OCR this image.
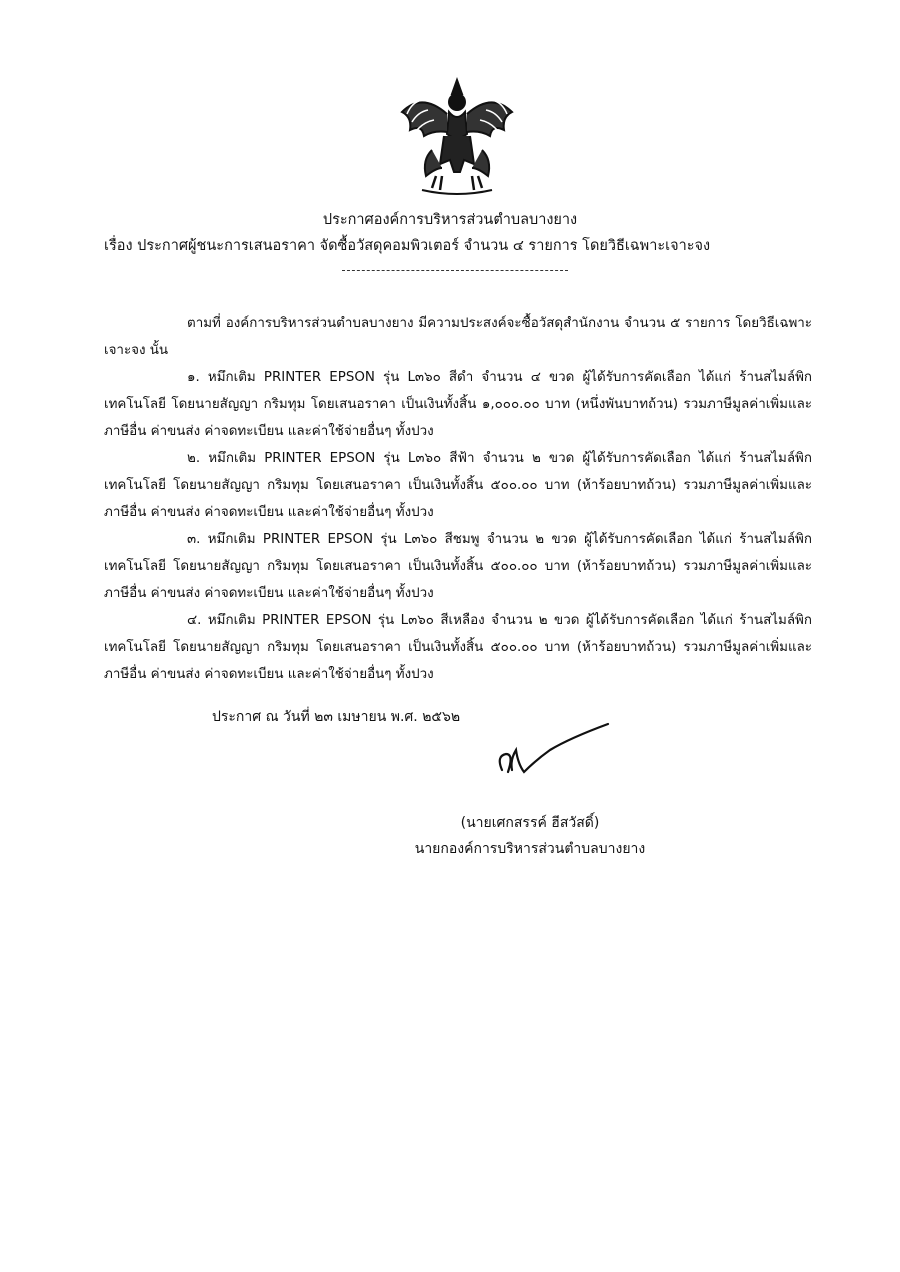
ประกาศองค์การบริหารส่วนตำบลบางยาง
เรื่อง ประกาศผู้ชนะการเสนอราคา จัดซื้อวัสดุคอมพิวเตอร์ จำนวน ๔ รายการ โดยวิธีเฉพาะเจาะจง

ตามที่ องค์การบริหารส่วนตำบลบางยาง มีความประสงค์จะซื้อวัสดุสำนักงาน จำนวน ๕ รายการ โดยวิธีเฉพาะเจาะจง นั้น

๑. หมึกเติม PRINTER EPSON รุ่น L๓๖๐ สีดำ จำนวน ๔ ขวด ผู้ได้รับการคัดเลือก ได้แก่ ร้านสไมล์พิก เทคโนโลยี โดยนายสัญญา กริมทุม โดยเสนอราคา เป็นเงินทั้งสิ้น ๑,๐๐๐.๐๐ บาท (หนึ่งพันบาทถ้วน) รวมภาษีมูลค่าเพิ่มและภาษีอื่น ค่าขนส่ง ค่าจดทะเบียน และค่าใช้จ่ายอื่นๆ ทั้งปวง

๒. หมึกเติม PRINTER EPSON รุ่น L๓๖๐ สีฟ้า จำนวน ๒ ขวด ผู้ได้รับการคัดเลือก ได้แก่ ร้านสไมล์พิก เทคโนโลยี โดยนายสัญญา กริมทุม โดยเสนอราคา เป็นเงินทั้งสิ้น ๕๐๐.๐๐ บาท (ห้าร้อยบาทถ้วน) รวมภาษีมูลค่าเพิ่มและภาษีอื่น ค่าขนส่ง ค่าจดทะเบียน และค่าใช้จ่ายอื่นๆ ทั้งปวง

๓. หมึกเติม PRINTER EPSON รุ่น L๓๖๐ สีชมพู จำนวน ๒ ขวด ผู้ได้รับการคัดเลือก ได้แก่ ร้านสไมล์พิก เทคโนโลยี โดยนายสัญญา กริมทุม โดยเสนอราคา เป็นเงินทั้งสิ้น ๕๐๐.๐๐ บาท (ห้าร้อยบาทถ้วน) รวมภาษีมูลค่าเพิ่มและภาษีอื่น ค่าขนส่ง ค่าจดทะเบียน และค่าใช้จ่ายอื่นๆ ทั้งปวง

๔. หมึกเติม PRINTER EPSON รุ่น L๓๖๐ สีเหลือง จำนวน ๒ ขวด ผู้ได้รับการคัดเลือก ได้แก่ ร้านสไมล์พิก เทคโนโลยี โดยนายสัญญา กริมทุม โดยเสนอราคา เป็นเงินทั้งสิ้น ๕๐๐.๐๐ บาท (ห้าร้อยบาทถ้วน) รวมภาษีมูลค่าเพิ่มและภาษีอื่น ค่าขนส่ง ค่าจดทะเบียน และค่าใช้จ่ายอื่นๆ ทั้งปวง

ประกาศ ณ วันที่ ๒๓ เมษายน พ.ศ. ๒๕๖๒
(นายเศกสรรค์ ฮีสวัสดิ์)
นายกองค์การบริหารส่วนตำบลบางยาง
